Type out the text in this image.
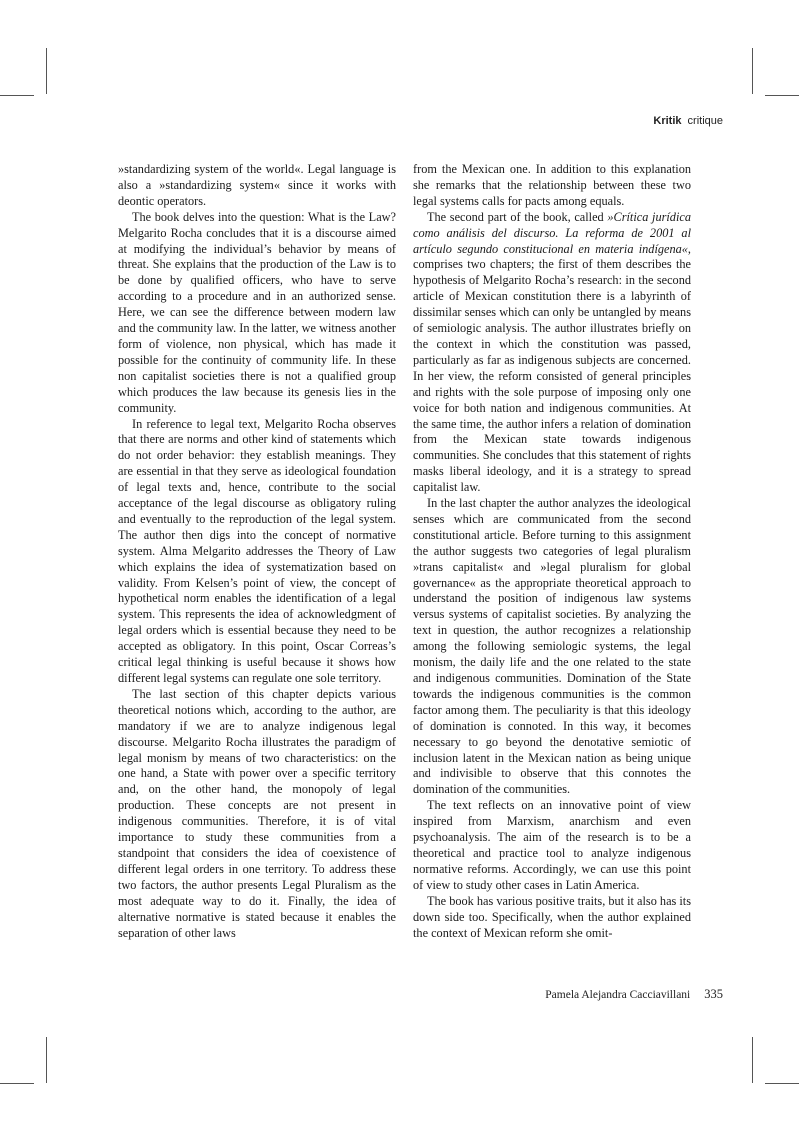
Kritik critique

»standardizing system of the world«. Legal language is also a »standardizing system« since it works with deontic operators.

The book delves into the question: What is the Law? Melgarito Rocha concludes that it is a discourse aimed at modifying the individual’s behavior by means of threat. She explains that the production of the Law is to be done by qualified officers, who have to serve according to a procedure and in an authorized sense. Here, we can see the difference between modern law and the community law. In the latter, we witness another form of violence, non physical, which has made it possible for the continuity of community life. In these non capitalist societies there is not a qualified group which produces the law because its genesis lies in the community.

In reference to legal text, Melgarito Rocha observes that there are norms and other kind of statements which do not order behavior: they establish meanings. They are essential in that they serve as ideological foundation of legal texts and, hence, contribute to the social acceptance of the legal discourse as obligatory ruling and eventually to the reproduction of the legal system. The author then digs into the concept of normative system. Alma Melgarito addresses the Theory of Law which explains the idea of systematization based on validity. From Kelsen’s point of view, the concept of hypothetical norm enables the identification of a legal system. This represents the idea of acknowledgment of legal orders which is essential because they need to be accepted as obligatory. In this point, Oscar Correas’s critical legal thinking is useful because it shows how different legal systems can regulate one sole territory.

The last section of this chapter depicts various theoretical notions which, according to the author, are mandatory if we are to analyze indigenous legal discourse. Melgarito Rocha illustrates the paradigm of legal monism by means of two characteristics: on the one hand, a State with power over a specific territory and, on the other hand, the monopoly of legal production. These concepts are not present in indigenous communities. Therefore, it is of vital importance to study these communities from a standpoint that considers the idea of coexistence of different legal orders in one territory. To address these two factors, the author presents Legal Pluralism as the most adequate way to do it. Finally, the idea of alternative normative is stated because it enables the separation of other laws

from the Mexican one. In addition to this explanation she remarks that the relationship between these two legal systems calls for pacts among equals.

The second part of the book, called »Crítica jurídica como análisis del discurso. La reforma de 2001 al artículo segundo constitucional en materia indígena«, comprises two chapters; the first of them describes the hypothesis of Melgarito Rocha’s research: in the second article of Mexican constitution there is a labyrinth of dissimilar senses which can only be untangled by means of semiologic analysis. The author illustrates briefly on the context in which the constitution was passed, particularly as far as indigenous subjects are concerned. In her view, the reform consisted of general principles and rights with the sole purpose of imposing only one voice for both nation and indigenous communities. At the same time, the author infers a relation of domination from the Mexican state towards indigenous communities. She concludes that this statement of rights masks liberal ideology, and it is a strategy to spread capitalist law.

In the last chapter the author analyzes the ideological senses which are communicated from the second constitutional article. Before turning to this assignment the author suggests two categories of legal pluralism »trans capitalist« and »legal pluralism for global governance« as the appropriate theoretical approach to understand the position of indigenous law systems versus systems of capitalist societies. By analyzing the text in question, the author recognizes a relationship among the following semiologic systems, the legal monism, the daily life and the one related to the state and indigenous communities. Domination of the State towards the indigenous communities is the common factor among them. The peculiarity is that this ideology of domination is connoted. In this way, it becomes necessary to go beyond the denotative semiotic of inclusion latent in the Mexican nation as being unique and indivisible to observe that this connotes the domination of the communities.

The text reflects on an innovative point of view inspired from Marxism, anarchism and even psychoanalysis. The aim of the research is to be a theoretical and practice tool to analyze indigenous normative reforms. Accordingly, we can use this point of view to study other cases in Latin America.

The book has various positive traits, but it also has its down side too. Specifically, when the author explained the context of Mexican reform she omit-

Pamela Alejandra Cacciavillani 335
